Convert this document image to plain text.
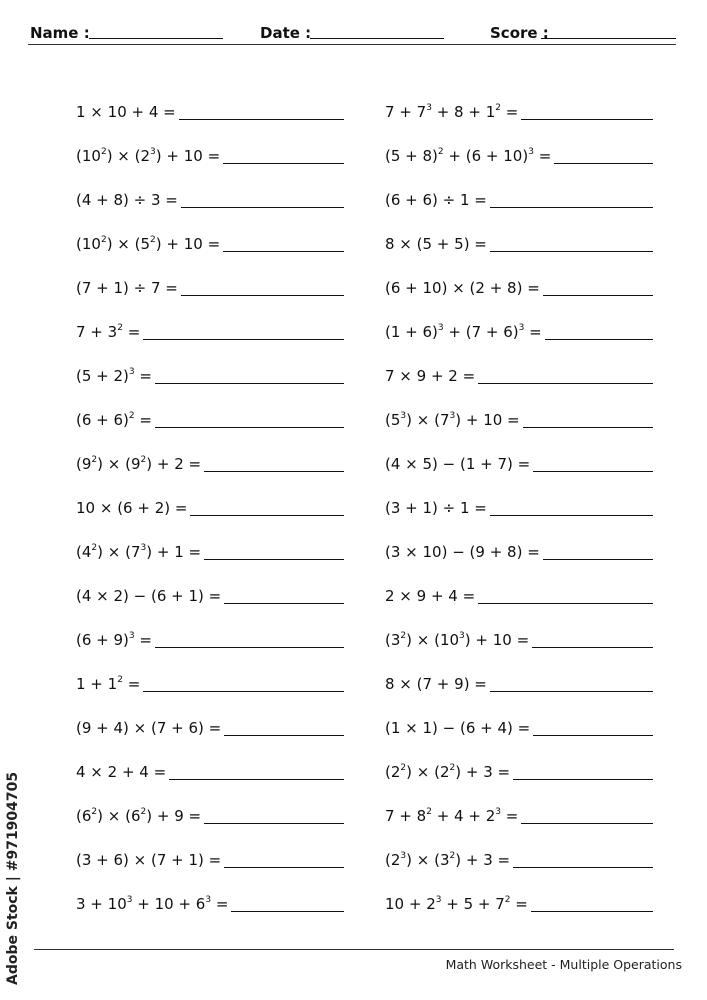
Name :	Date :	Score :
1 × 10 + 4 =
$(10^2) \times (2^3) + 10$ =
(4 + 8) ÷ 3 =
$(10^2) \times (5^2) + 10$ =
(7 + 1) ÷ 7 =
$7 + 3^2$ =
$(5 + 2)^3$ =
$(6 + 6)^2$ =
$(9^2) \times (9^2) + 2$ =
10 × (6 + 2) =
$(4^2) \times (7^3) + 1$ =
(4 × 2) − (6 + 1) =
$(6 + 9)^3$ =
$1 + 1^2$ =
(9 + 4) × (7 + 6) =
4 × 2 + 4 =
$(6^2) \times (6^2) + 9$ =
(3 + 6) × (7 + 1) =
$3 + 10^3 + 10 + 6^3$ =
$7 + 7^3 + 8 + 1^2$ =
$(5 + 8)^2 + (6 + 10)^3$ =
(6 + 6) ÷ 1 =
8 × (5 + 5) =
(6 + 10) × (2 + 8) =
$(1 + 6)^3 + (7 + 6)^3$ =
7 × 9 + 2 =
$(5^3) \times (7^3) + 10$ =
(4 × 5) − (1 + 7) =
(3 + 1) ÷ 1 =
(3 × 10) − (9 + 8) =
2 × 9 + 4 =
$(3^2) \times (10^3) + 10$ =
8 × (7 + 9) =
(1 × 1) − (6 + 4) =
$(2^2) \times (2^2) + 3$ =
$7 + 8^2 + 4 + 2^3$ =
$(2^3) \times (3^2) + 3$ =
$10 + 2^3 + 5 + 7^2$ =
Math Worksheet - Multiple Operations
Adobe Stock | #971904705
